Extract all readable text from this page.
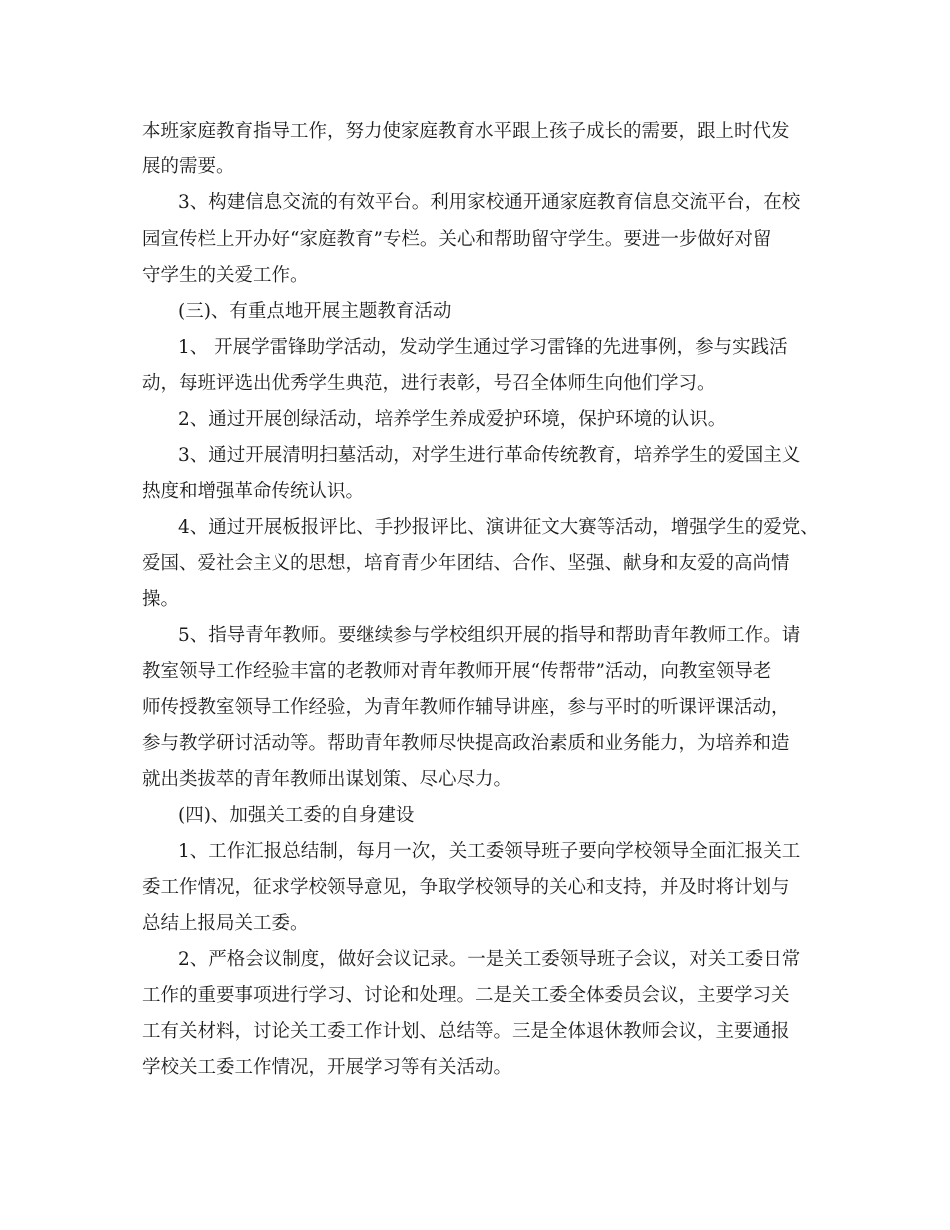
本班家庭教育指导工作，努力使家庭教育水平跟上孩子成长的需要，跟上时代发
展的需要。
3、构建信息交流的有效平台。利用家校通开通家庭教育信息交流平台，在校
园宣传栏上开办好“家庭教育”专栏。关心和帮助留守学生。要进一步做好对留
守学生的关爱工作。
(三)、有重点地开展主题教育活动
1、 开展学雷锋助学活动，发动学生通过学习雷锋的先进事例，参与实践活
动，每班评选出优秀学生典范，进行表彰，号召全体师生向他们学习。
2、通过开展创绿活动，培养学生养成爱护环境，保护环境的认识。
3、通过开展清明扫墓活动，对学生进行革命传统教育，培养学生的爱国主义
热度和增强革命传统认识。
4、通过开展板报评比、手抄报评比、演讲征文大赛等活动，增强学生的爱党、
爱国、爱社会主义的思想，培育青少年团结、合作、坚强、献身和友爱的高尚情
操。
5、指导青年教师。要继续参与学校组织开展的指导和帮助青年教师工作。请
教室领导工作经验丰富的老教师对青年教师开展“传帮带”活动，向教室领导老
师传授教室领导工作经验，为青年教师作辅导讲座，参与平时的听课评课活动，
参与教学研讨活动等。帮助青年教师尽快提高政治素质和业务能力，为培养和造
就出类拔萃的青年教师出谋划策、尽心尽力。
(四)、加强关工委的自身建设
1、工作汇报总结制，每月一次，关工委领导班子要向学校领导全面汇报关工
委工作情况，征求学校领导意见，争取学校领导的关心和支持，并及时将计划与
总结上报局关工委。
2、严格会议制度，做好会议记录。一是关工委领导班子会议，对关工委日常
工作的重要事项进行学习、讨论和处理。二是关工委全体委员会议，主要学习关
工有关材料，讨论关工委工作计划、总结等。三是全体退休教师会议，主要通报
学校关工委工作情况，开展学习等有关活动。
